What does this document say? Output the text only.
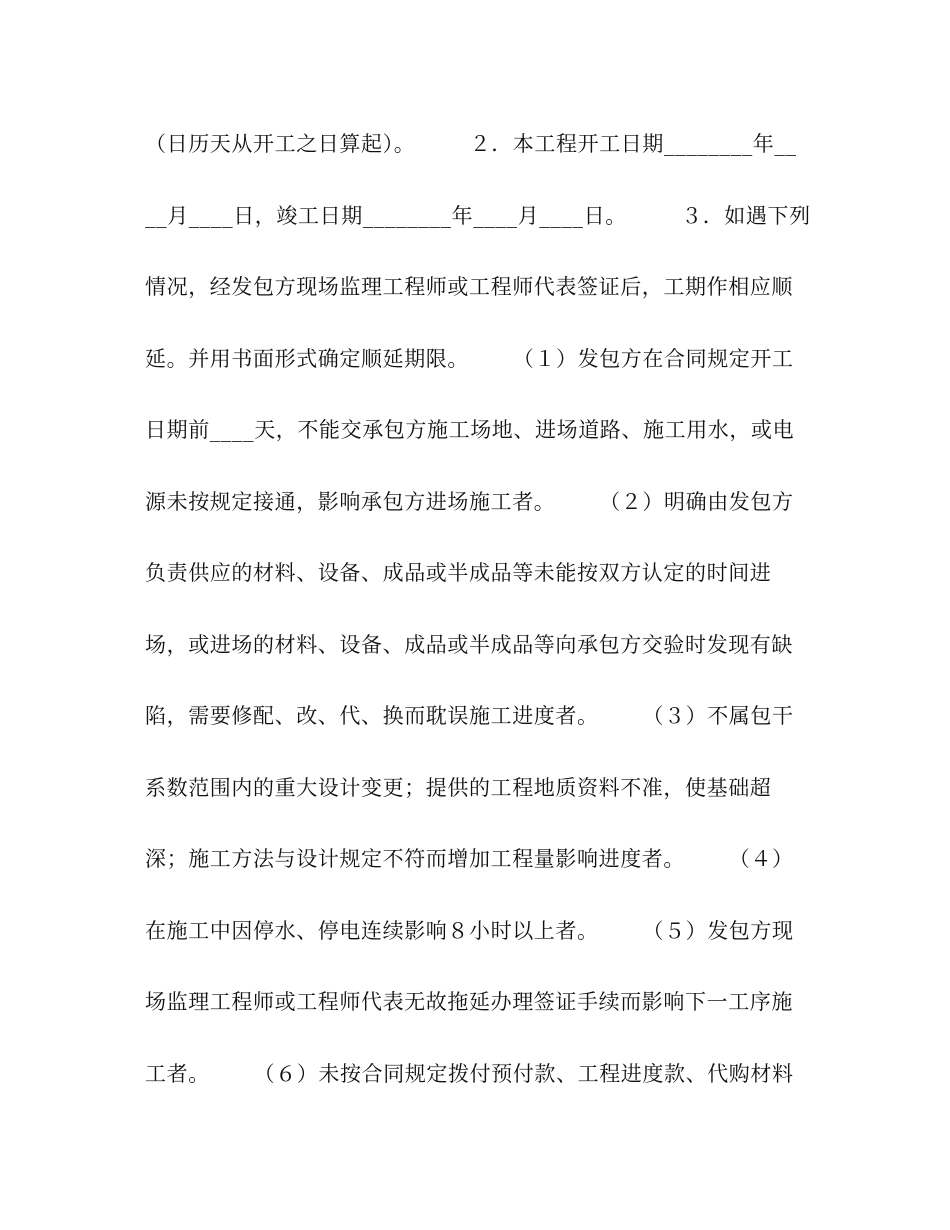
（日历天从开工之日算起）。　　　２．本工程开工日期________年__
__月____日，竣工日期________年____月____日。　　　３．如遇下列
情况，经发包方现场监理工程师或工程师代表签证后，工期作相应顺
延。并用书面形式确定顺延期限。　　　（１）发包方在合同规定开工
日期前____天，不能交承包方施工场地、进场道路、施工用水，或电
源未按规定接通，影响承包方进场施工者。　　　（２）明确由发包方
负责供应的材料、设备、成品或半成品等未能按双方认定的时间进
场，或进场的材料、设备、成品或半成品等向承包方交验时发现有缺
陷，需要修配、改、代、换而耽误施工进度者。　　　（３）不属包干
系数范围内的重大设计变更；提供的工程地质资料不准，使基础超
深；施工方法与设计规定不符而增加工程量影响进度者。　　　（４）
在施工中因停水、停电连续影响８小时以上者。　　　（５）发包方现
场监理工程师或工程师代表无故拖延办理签证手续而影响下一工序施
工者。　　　（６）未按合同规定拨付预付款、工程进度款、代购材料
